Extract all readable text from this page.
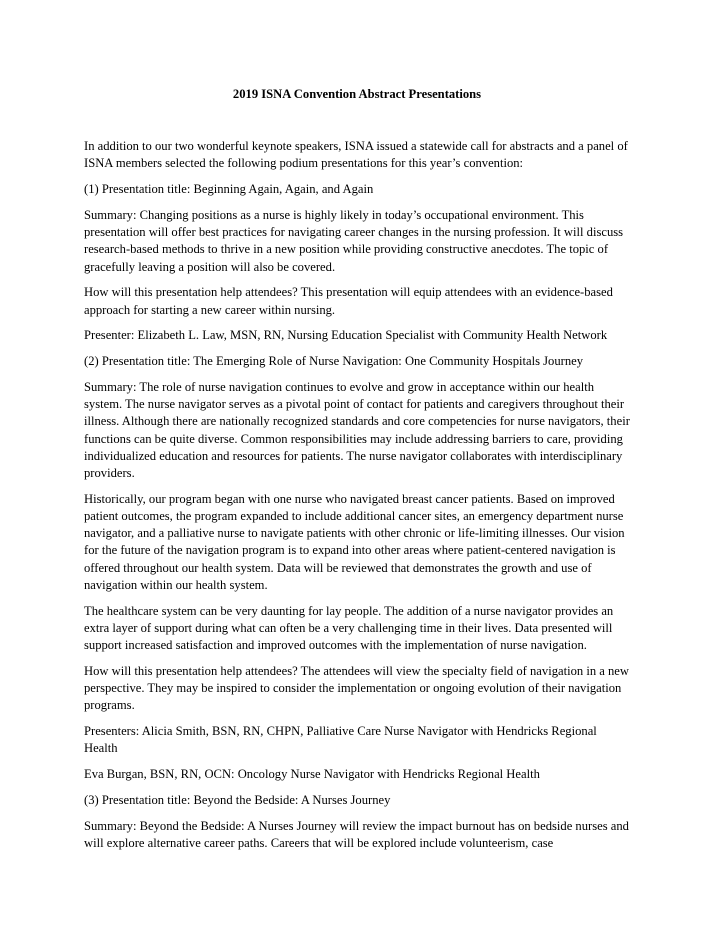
2019 ISNA Convention Abstract Presentations

In addition to our two wonderful keynote speakers, ISNA issued a statewide call for abstracts and a panel of ISNA members selected the following podium presentations for this year’s convention:

(1) Presentation title: Beginning Again, Again, and Again

Summary: Changing positions as a nurse is highly likely in today’s occupational environment. This presentation will offer best practices for navigating career changes in the nursing profession. It will discuss research-based methods to thrive in a new position while providing constructive anecdotes. The topic of gracefully leaving a position will also be covered.

How will this presentation help attendees? This presentation will equip attendees with an evidence-based approach for starting a new career within nursing.

Presenter: Elizabeth L. Law, MSN, RN, Nursing Education Specialist with Community Health Network

(2) Presentation title: The Emerging Role of Nurse Navigation: One Community Hospitals Journey

Summary: The role of nurse navigation continues to evolve and grow in acceptance within our health system. The nurse navigator serves as a pivotal point of contact for patients and caregivers throughout their illness. Although there are nationally recognized standards and core competencies for nurse navigators, their functions can be quite diverse. Common responsibilities may include addressing barriers to care, providing individualized education and resources for patients. The nurse navigator collaborates with interdisciplinary providers.

Historically, our program began with one nurse who navigated breast cancer patients. Based on improved patient outcomes, the program expanded to include additional cancer sites, an emergency department nurse navigator, and a palliative nurse to navigate patients with other chronic or life-limiting illnesses. Our vision for the future of the navigation program is to expand into other areas where patient-centered navigation is offered throughout our health system. Data will be reviewed that demonstrates the growth and use of navigation within our health system.

The healthcare system can be very daunting for lay people. The addition of a nurse navigator provides an extra layer of support during what can often be a very challenging time in their lives. Data presented will support increased satisfaction and improved outcomes with the implementation of nurse navigation.

How will this presentation help attendees? The attendees will view the specialty field of navigation in a new perspective. They may be inspired to consider the implementation or ongoing evolution of their navigation programs.

Presenters: Alicia Smith, BSN, RN, CHPN, Palliative Care Nurse Navigator with Hendricks Regional Health

Eva Burgan, BSN, RN, OCN: Oncology Nurse Navigator with Hendricks Regional Health

(3) Presentation title: Beyond the Bedside: A Nurses Journey

Summary: Beyond the Bedside: A Nurses Journey will review the impact burnout has on bedside nurses and will explore alternative career paths. Careers that will be explored include volunteerism, case
